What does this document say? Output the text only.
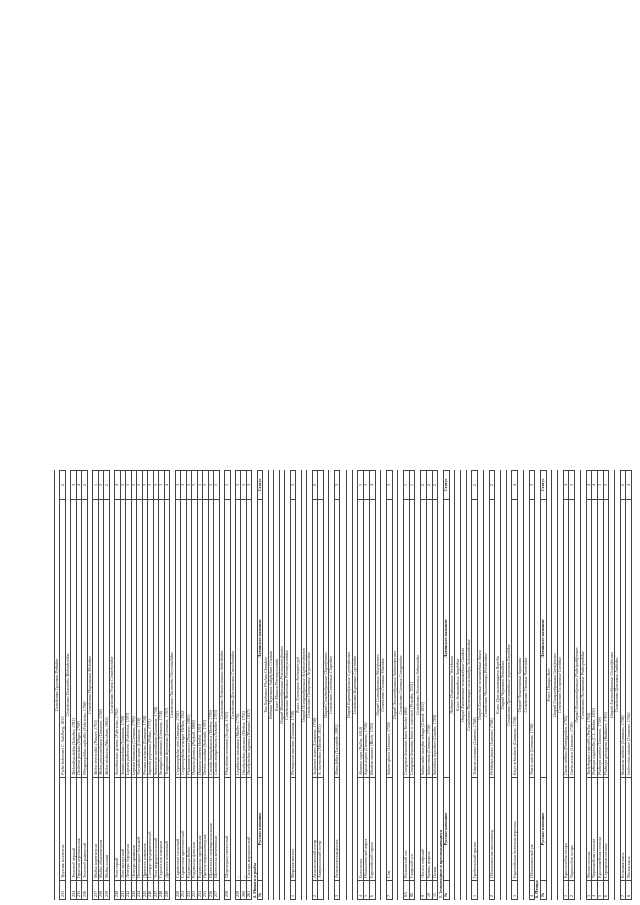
Семейство Трухляки Pythidae
233
Трухляк колленсис
Pytho kolwensis C. Sahlberg, 1833
2
Семейство Тенелюбы Melandryidae
234
Тенелюб чёрный
Melandrya dubia (Schaller, 1783)
3
235
Орхезия перевязанная
Orchesia fasciata (Illiger, 1798)
4
236
Тенелюб рыжеусый
Phryganophilus ruficollis (Fabricius, 1798)
2
Семейство Нарывники Meloidae
237
Майка короткоусая
Meloe brevicollis (Panzer, 1793)
1
238
Майка обыкновенная
Meloe proscarabaeus (Linnaeus, 1758)
2
239
Майка синяя
Meloe violaceus (Marsham, 1802)
2
Семейство Усачи Cerambycidae
240
Усач серый
Acanthocinus griseus (Fabricius, 1792)
4
241
Усач мускусный
Aromia moschata (Linnaeus, 1758)
3
242
Лептура бородатая
Leptura pubescens (Fabricius, 1787)
3
243
Лептура крымская
Leptura thoracica (Creutzer, 1799)
3
244
Неполнокрыл большой
Necydalis major (Linnaeus, 1758)
3
245
Древосек кожевник
Prionus coriarius (Linnaeus, 1758)
3
246
Саперда продырявленный
Saperda perforata (Pallas, 1773)
3
247
Усач меридиональный
Stenocorus meridianus (Linnaeus, 1758)
3
248
Странгалия изящная
Strangalia attenuata (Linnaeus, 1758)
3
249
Древосек коньковый
Tragosoma depsarium (Linnaeus, 1767)
4
Семейство Листоеды Chrysomelidae
250
Скрытоглав сосновый
Cryptocephalus pini (Linnaeus, 1758)
3
251
Скрытоглав крестоносный
Cryptocephalus cruciger Hellen, 1922
3
252
Радужница Вейзе
Plateumaris weisei (Duvivier, 1885)
3
253
Радужница финская
Donacia fennica (Paykull, 1800)
3
254
Радужница прибрежная
Donacia cinerea Herbst, 1810
3
255
Орения моршиновидная
Oreina cacaliae (Schrank, 1785)
3
256
Щитоноска полумаргинальная
Cassida hemisphaerica (Herbst, 1799)
3
257
Щитоноска жемчужная
Cassida margaritacea (Schaller, 1783)
3
Семейство Ложнослоники Anthribidae
258
Широкорыл смолистый
Platyrhinus resinosus (Scopoli, 1763)
3
Семейство Долгоносики Curculionidae
259
–
Liophloeus tessulatus (Muller, 1776)
3
260
–
Otiorhynchus porcatus (Herbst, 1795)
3
261
Скосарь морщинистый
Otiorhynchus rugosus (Hummel, 1827)
3
4. Миноги и рыбы №
Русское название
Латинское название
Статус
Тип Хордовые Phylum Chordata Подтип Черепные Subphylum Craniata Класс Миноги Petromyzontida Отряд Миногообразные Petromyzontiformes Семейство Миноговые Petromyzontidae
1
Морская минога
Petromyzon marinus (Linnaeus, 1758)
3
Класс Лучеперые Actinopterygii Отряд Осетрообразные Acipenseriformes Семейство Осетровые Acipenseridae
2
Атлантический осетр
Acipenser sturio (Linnaeus, 1758)
0
Американский осетр
A. oxyrinchus (Mitchill, 1815)
Отряд Сельдеобразные Clupeiformes Семейство Сельдевые Clupeidae
3
Атлантическая финта
Alosa fallax (Lacepède, 1803)
3
Отряд Карпообразные Cypriniformes Семейство Карповые Cyprinidae
4
Белоглазка
Abramis sapa (Pallas, 1814)
3
5
Обыкновенный жерех
Aspius aspius (Linnaeus, 1758)
3
6
Европейский горчак
Rhodeus amarus (Bloch, 1782)
4
Отряд Сомообразные Siluriformes Семейство Сомовые Siluridae
7
Сом
Silurus glanis (Linnaeus, 1758)
3
Отряд Лососеобразные Salmoniformes Семейство Сиговые Coregonidae
8А
Волховский сиг
Coregonus lavaretus baeri Kessler 1864
1
8Б
Свирский сиг
Coregonus lavaretus baeri n. swirensis (Pravdin, 1931)
1
Семейство Лососевые Salmonidae
9
Лосось озёрный
Salmo salar morpha sebago (Girard, 1853)
2
10
Кумжа, форель
Salmo trutta (Linnaeus, 1758)
2
11
Палия
Salvelinus lepechini (Gmelin, 1789)
2
5. Земноводные и пресмыкающиеся №
Русское название
Латинское название
Статус
Подтип Позвоночные Vertebrata Класс Земноводные Amphibia Отряд Хвостатые земноводные Caudata Семейство Настоящие саламандры Salamandridae
1
Гребенчатый тритон
Triturus cristatus (Laurenti, 1768)
2
Отряд Бесхвостые земноводные Anura Семейство Чесночницы Pelobatidae
2
Обыкновенная чесночница
Pelobates fuscus (Laurenti, 1768)
2
Класс Пресмыкающиеся Reptilia Отряд Черепахи Testudines Семейство Пресноводные черепахи Emydidae
3
Европейская болотная черепаха
Emys orbicularis (Linnaeus, 1758)
4
Отряд Чешуйчатые Squamata Семейство Ужовые Natricidae
4
Обыкновенный уж
Natrix natrix (Linnaeus, 1758)
3
6. Птицы №
Русское название
Латинское название
Статус
Класс Птицы Aves Отряд Гагарообразные Gaviiformes Семейство Гагаровые Gaviidae
1
Краснозобая гагара
Gavia stellata (Pontoppidan, 1763)
4
2
Чернозобая гагара
Gavia arctica (Linnaeus, 1758)
3
Отряд Поганкообразные Podicipediformes Семейство Поганковые Podicipedidae
3
Малая поганка
Tachybaptus ruficollis (Pallas, 1764)
4
4
Черношейная поганка
Podiceps nigricollis (C.L. Brehm, 1831)
4
5
Красношейная поганка
Podiceps auritus (Linnaeus, 1758)
3
6
Серощекая поганка
Podiceps grisegena (Boddaert, 1783)
3
Отряд Аистообразные Ciconiiformes Семейство Цаплевые Ardeidae
7
Большая выпь
Botaurus stellaris (Linnaeus, 1758)
5
8
Малая выпь
Ixobrychus minutus (Linnaeus, 1766)
4
